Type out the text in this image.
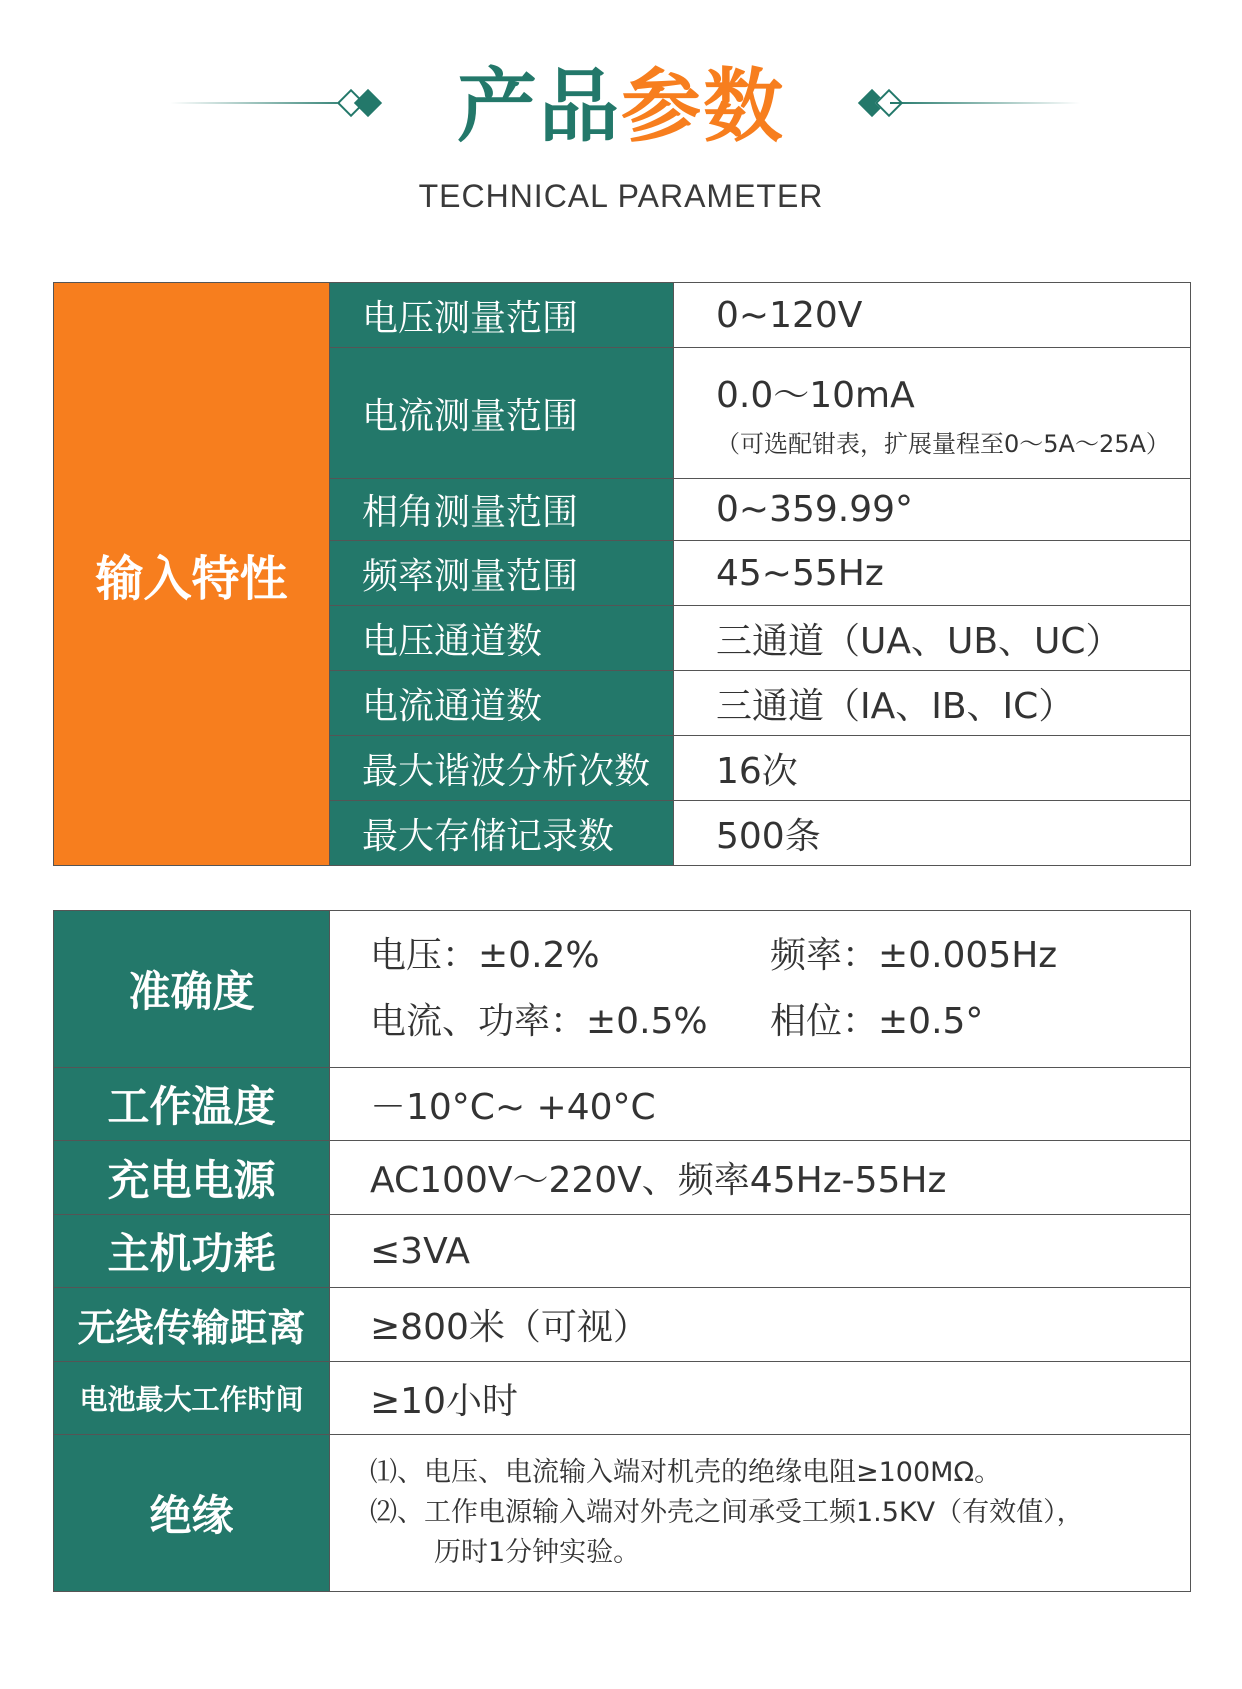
产品参数
TECHNICAL PARAMETER
输入特性	电压测量范围	0~120V
	电流测量范围	0.0～10mA
（可选配钳表，扩展量程至0～5A～25A）

	相角测量范围	0~359.99°
	频率测量范围	45~55Hz
	电压通道数	三通道（UA、UB、UC）
	电流通道数	三通道（IA、IB、IC）
	最大谐波分析次数	16次
	最大存储记录数	500条
准确度	电压：±0.2% 频率：±0.005Hz
电流、功率：±0.5% 相位：±0.5°

工作温度	－10°C~ +40°C
充电电源	AC100V～220V、频率45Hz-55Hz
主机功耗	≤3VA
无线传输距离	≥800米（可视）
电池最大工作时间	≥10小时
绝缘	⑴、电压、电流输入端对机壳的绝缘电阻≥100MΩ。
⑵、工作电源输入端对外壳之间承受工频1.5KV（有效值），
历时1分钟实验。
